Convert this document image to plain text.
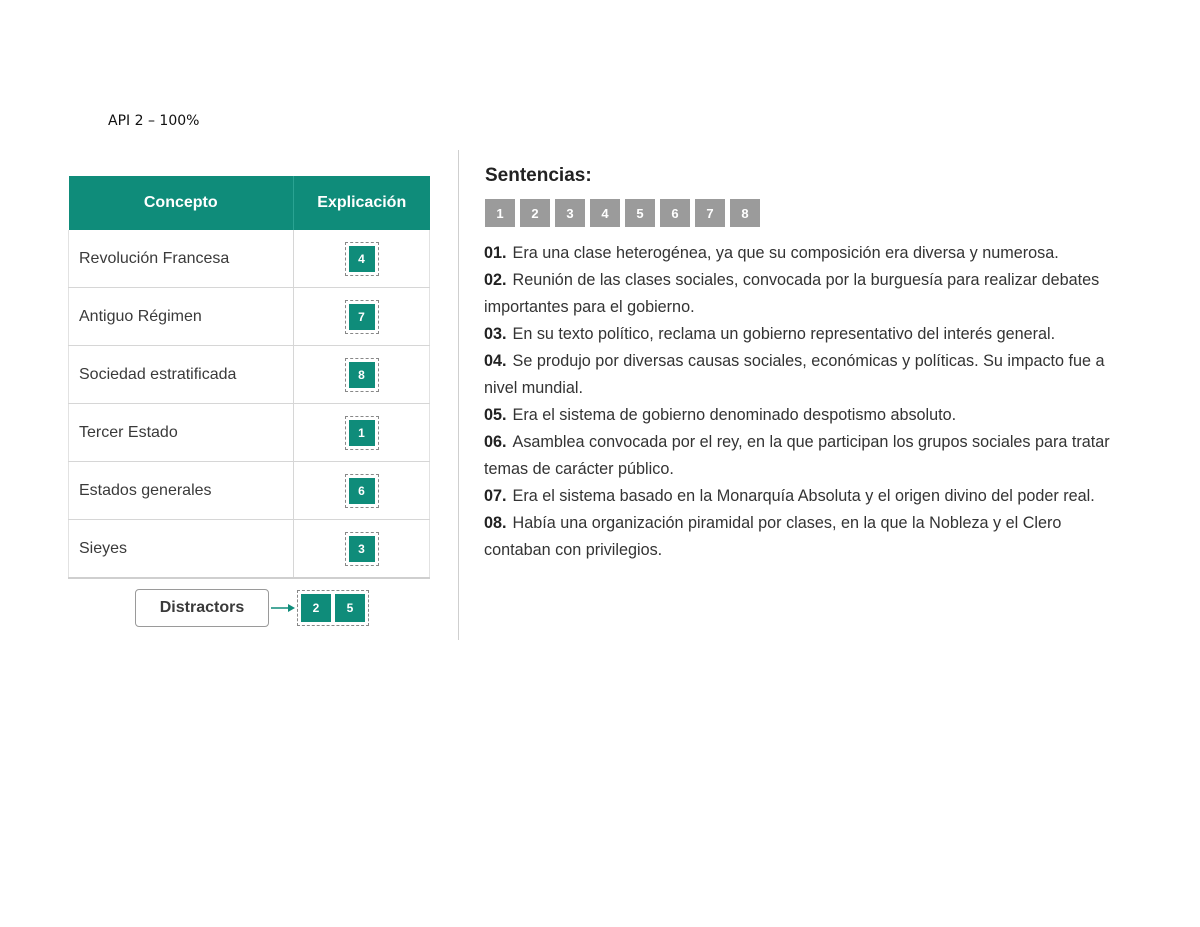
API 2 – 100%
Concepto	Explicación
Revolución Francesa	4

Antiguo Régimen	7

Sociedad estratificada	8

Tercer Estado	1

Estados generales	6

Sieyes	3
Distractors	2	5
Sentencias:
1	2	3	4	5	6	7	8

01. Era una clase heterogénea, ya que su composición era diversa y numerosa.

02. Reunión de las clases sociales, convocada por la burguesía para realizar debates importantes para el gobierno.

03. En su texto político, reclama un gobierno representativo del interés general.

04. Se produjo por diversas causas sociales, económicas y políticas. Su impacto fue a nivel mundial.

05. Era el sistema de gobierno denominado despotismo absoluto.

06. Asamblea convocada por el rey, en la que participan los grupos sociales para tratar temas de carácter público.

07. Era el sistema basado en la Monarquía Absoluta y el origen divino del poder real.

08. Había una organización piramidal por clases, en la que la Nobleza y el Clero contaban con privilegios.
